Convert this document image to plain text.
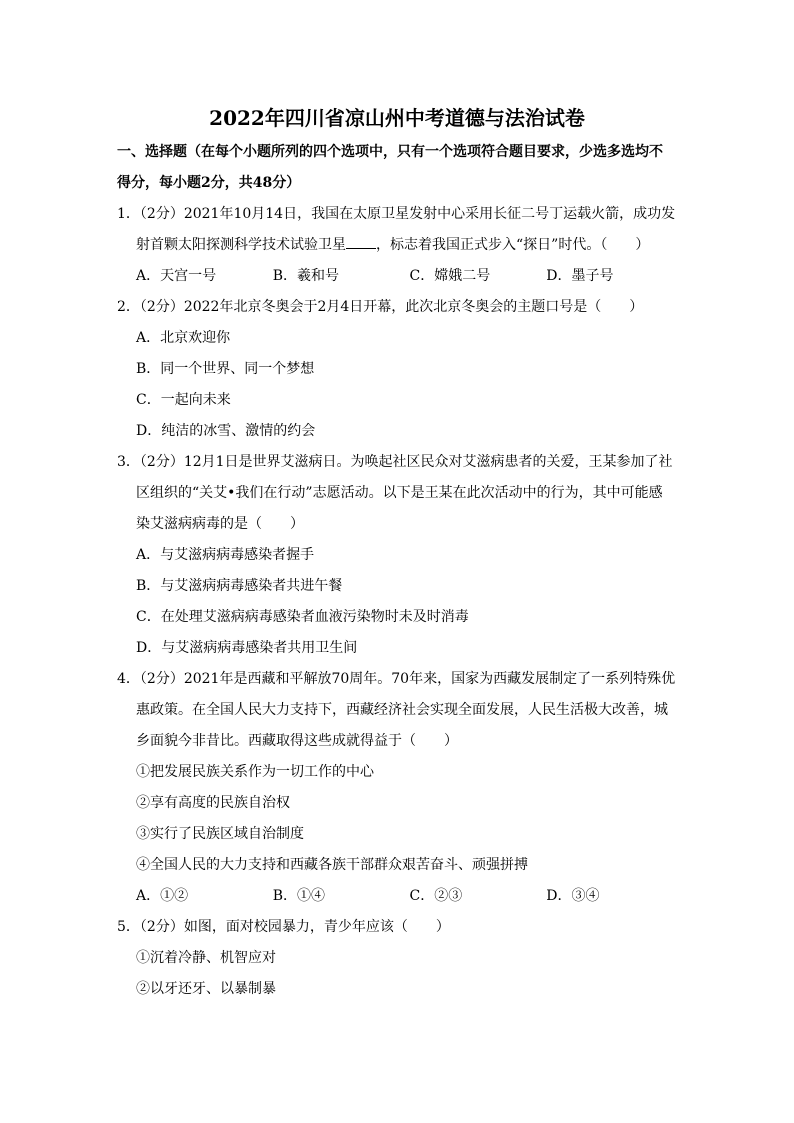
2022年四川省凉山州中考道德与法治试卷
一、选择题（在每个小题所列的四个选项中，只有一个选项符合题目要求，少选多选均不
得分，每小题2分，共48分）
1．（2分）2021年10月14日，我国在太原卫星发射中心采用长征二号丁运载火箭，成功发
射首颗太阳探测科学技术试验卫星 ，标志着我国正式步入“探日”时代。（　　）
A．天宫一号	B．羲和号	C．嫦娥二号	D．墨子号
2．（2分）2022年北京冬奥会于2月4日开幕，此次北京冬奥会的主题口号是（　　）
A．北京欢迎你
B．同一个世界、同一个梦想
C．一起向未来
D．纯洁的冰雪、激情的约会
3．（2分）12月1日是世界艾滋病日。为唤起社区民众对艾滋病患者的关爱，王某参加了社
区组织的“关艾•我们在行动”志愿活动。以下是王某在此次活动中的行为，其中可能感
染艾滋病病毒的是（　　）
A．与艾滋病病毒感染者握手
B．与艾滋病病毒感染者共进午餐
C．在处理艾滋病病毒感染者血液污染物时未及时消毒
D．与艾滋病病毒感染者共用卫生间
4．（2分）2021年是西藏和平解放70周年。70年来，国家为西藏发展制定了一系列特殊优
惠政策。在全国人民大力支持下，西藏经济社会实现全面发展，人民生活极大改善，城
乡面貌今非昔比。西藏取得这些成就得益于（　　）
①把发展民族关系作为一切工作的中心
②享有高度的民族自治权
③实行了民族区域自治制度
④全国人民的大力支持和西藏各族干部群众艰苦奋斗、顽强拼搏
A．①②	B．①④	C．②③	D．③④
5．（2分）如图，面对校园暴力，青少年应该（　　）
①沉着冷静、机智应对
②以牙还牙、以暴制暴
